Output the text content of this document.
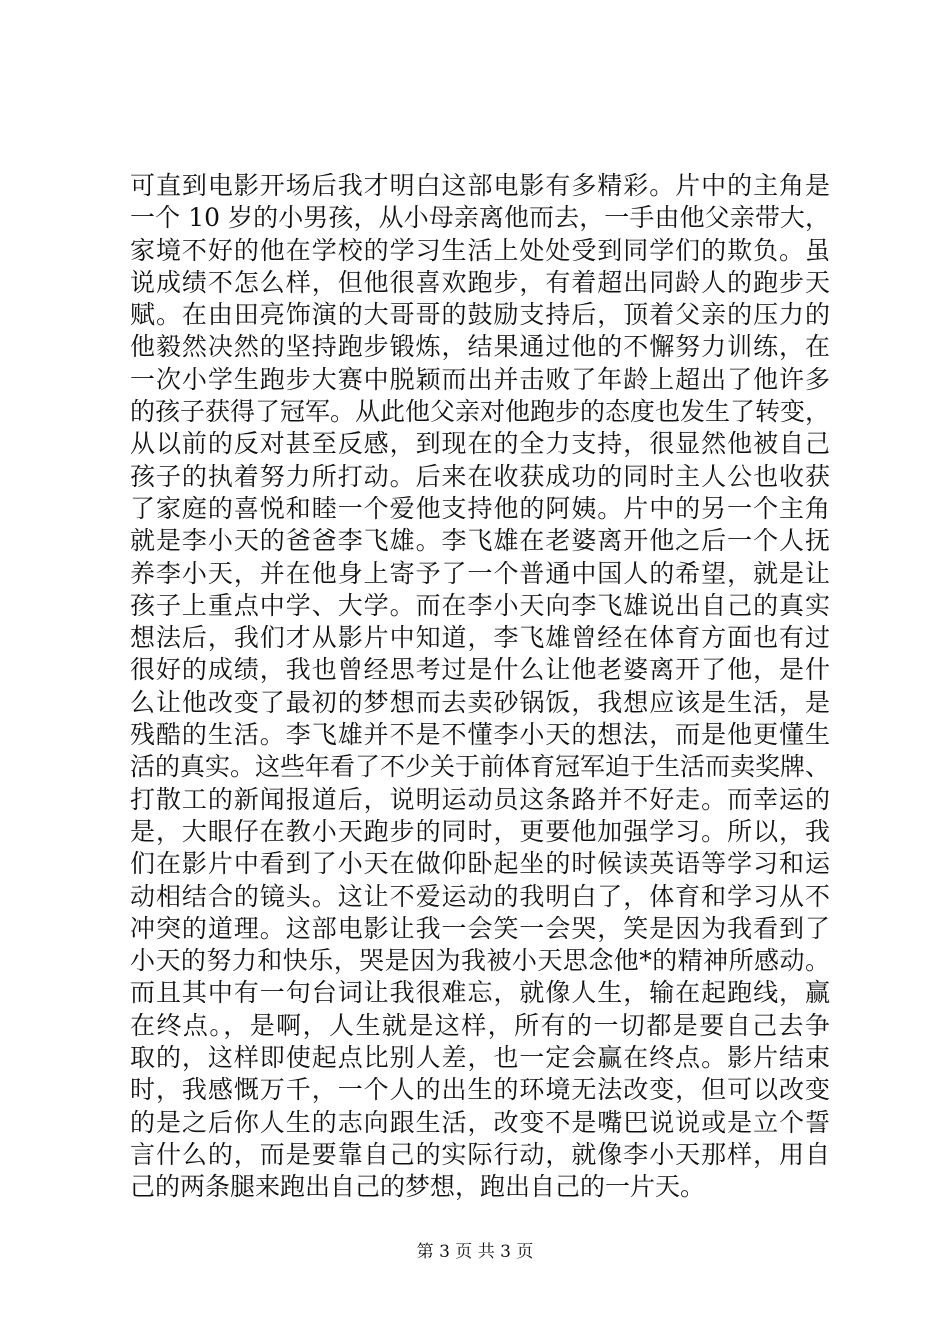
可直到电影开场后我才明白这部电影有多精彩。片中的主角是
一个 10 岁的小男孩，从小母亲离他而去，一手由他父亲带大，
家境不好的他在学校的学习生活上处处受到同学们的欺负。虽
说成绩不怎么样，但他很喜欢跑步，有着超出同龄人的跑步天
赋。在由田亮饰演的大哥哥的鼓励支持后，顶着父亲的压力的
他毅然决然的坚持跑步锻炼，结果通过他的不懈努力训练，在
一次小学生跑步大赛中脱颖而出并击败了年龄上超出了他许多
的孩子获得了冠军。从此他父亲对他跑步的态度也发生了转变，
从以前的反对甚至反感，到现在的全力支持，很显然他被自己
孩子的执着努力所打动。后来在收获成功的同时主人公也收获
了家庭的喜悦和睦一个爱他支持他的阿姨。片中的另一个主角
就是李小天的爸爸李飞雄。李飞雄在老婆离开他之后一个人抚
养李小天，并在他身上寄予了一个普通中国人的希望，就是让
孩子上重点中学、大学。而在李小天向李飞雄说出自己的真实
想法后，我们才从影片中知道，李飞雄曾经在体育方面也有过
很好的成绩，我也曾经思考过是什么让他老婆离开了他，是什
么让他改变了最初的梦想而去卖砂锅饭，我想应该是生活，是
残酷的生活。李飞雄并不是不懂李小天的想法，而是他更懂生
活的真实。这些年看了不少关于前体育冠军迫于生活而卖奖牌、
打散工的新闻报道后，说明运动员这条路并不好走。而幸运的
是，大眼仔在教小天跑步的同时，更要他加强学习。所以，我
们在影片中看到了小天在做仰卧起坐的时候读英语等学习和运
动相结合的镜头。这让不爱运动的我明白了，体育和学习从不
冲突的道理。这部电影让我一会笑一会哭，笑是因为我看到了
小天的努力和快乐，哭是因为我被小天思念他*的精神所感动。
而且其中有一句台词让我很难忘，就像人生，输在起跑线，赢
在终点。，是啊，人生就是这样，所有的一切都是要自己去争
取的，这样即使起点比别人差，也一定会赢在终点。影片结束
时，我感慨万千，一个人的出生的环境无法改变，但可以改变
的是之后你人生的志向跟生活，改变不是嘴巴说说或是立个誓
言什么的，而是要靠自己的实际行动，就像李小天那样，用自
己的两条腿来跑出自己的梦想，跑出自己的一片天。
第 3 页 共 3 页
